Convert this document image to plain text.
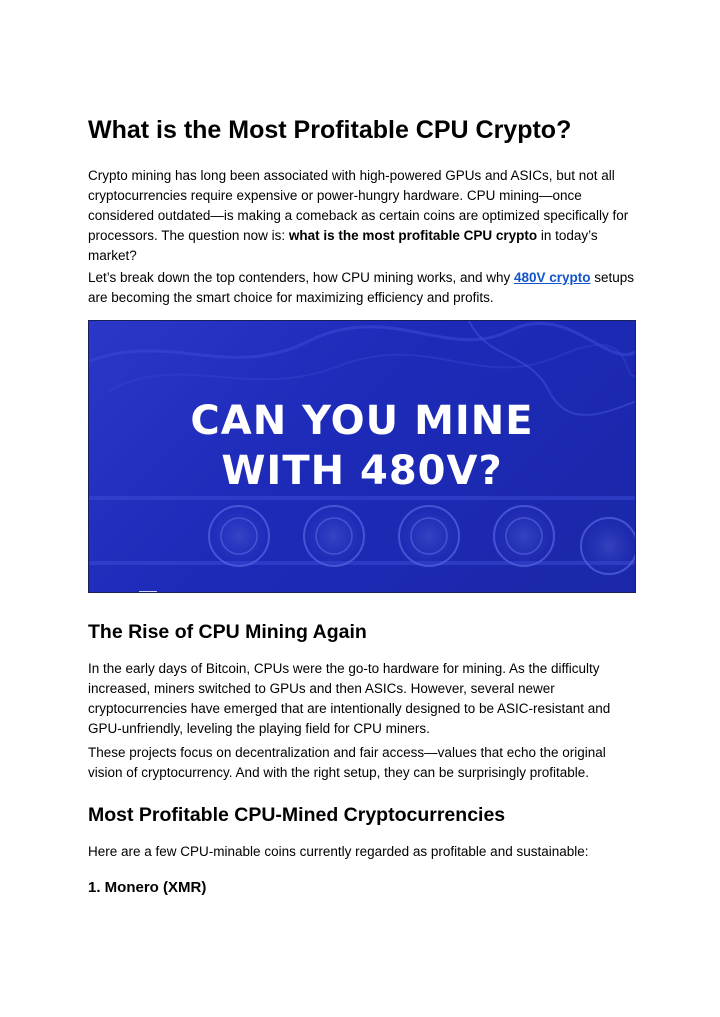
What is the Most Profitable CPU Crypto?

Crypto mining has long been associated with high-powered GPUs and ASICs, but not all cryptocurrencies require expensive or power-hungry hardware. CPU mining—once considered outdated—is making a comeback as certain coins are optimized specifically for processors. The question now is: what is the most profitable CPU crypto in today’s market?

Let’s break down the top contenders, how CPU mining works, and why 480V crypto setups are becoming the smart choice for maximizing efficiency and profits.

CAN YOU MINE
WITH 480V?
The Rise of CPU Mining Again

In the early days of Bitcoin, CPUs were the go-to hardware for mining. As the difficulty increased, miners switched to GPUs and then ASICs. However, several newer cryptocurrencies have emerged that are intentionally designed to be ASIC-resistant and GPU-unfriendly, leveling the playing field for CPU miners.

These projects focus on decentralization and fair access—values that echo the original vision of cryptocurrency. And with the right setup, they can be surprisingly profitable.

Most Profitable CPU-Mined Cryptocurrencies

Here are a few CPU-minable coins currently regarded as profitable and sustainable:

1. Monero (XMR)
